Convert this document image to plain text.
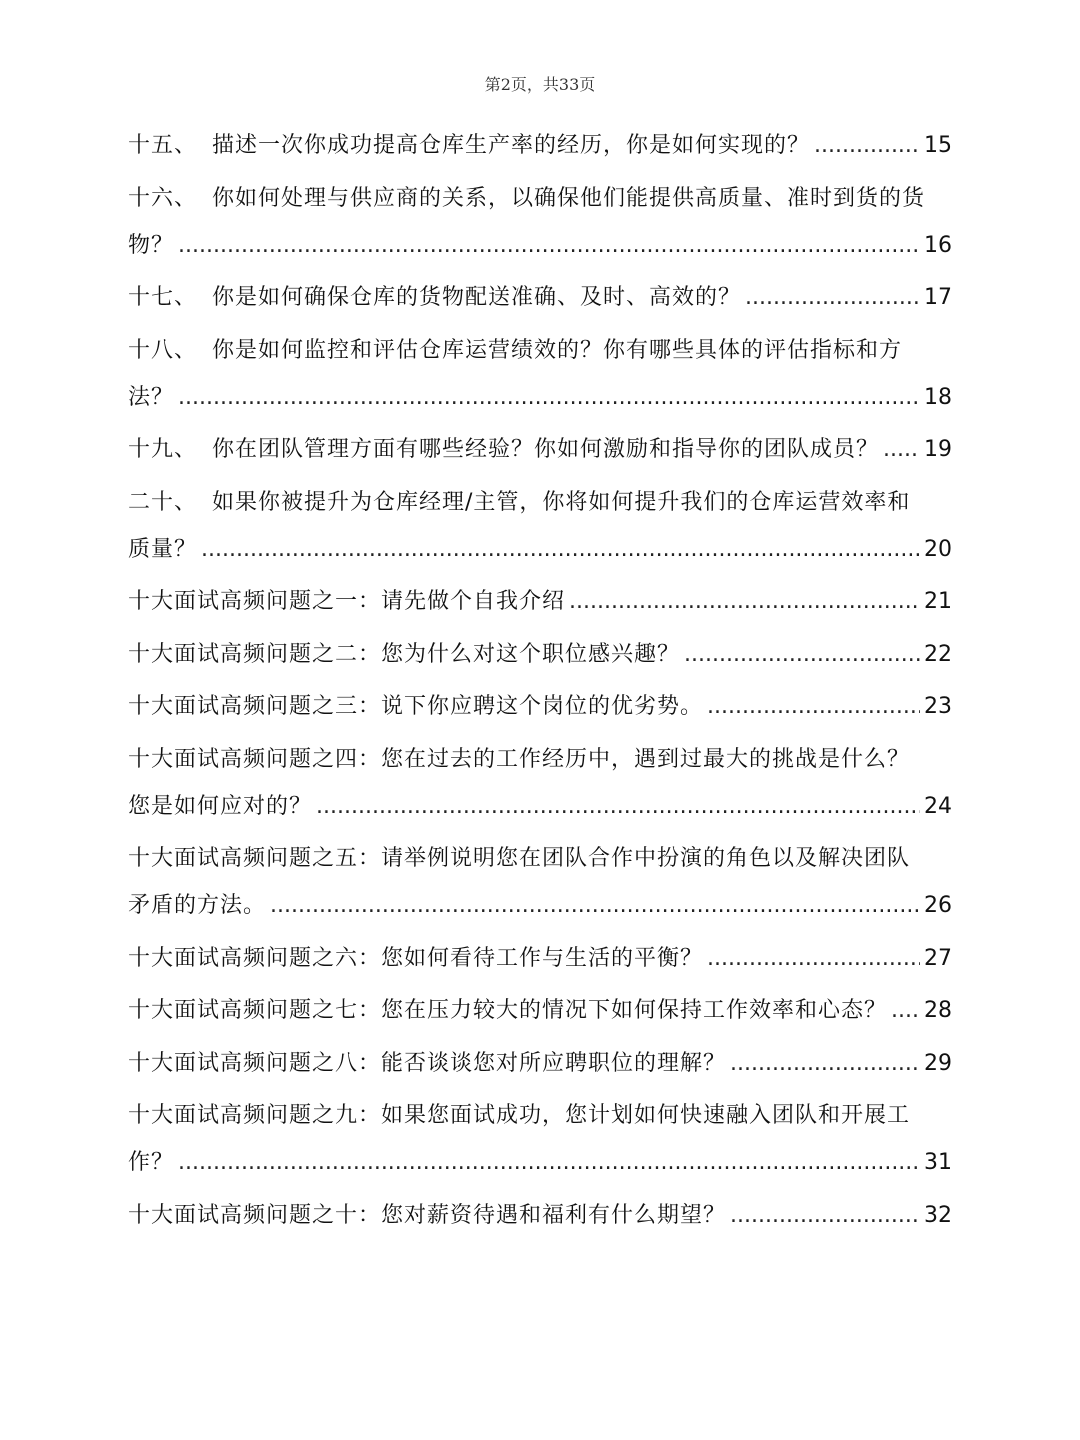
第2页，共33页
十五、 描述一次你成功提高仓库生产率的经历，你是如何实现的？ .....	15
十六、 你如何处理与供应商的关系，以确保他们能提供高质量、准时到货的货
物？ .....	16
十七、 你是如何确保仓库的货物配送准确、及时、高效的？ .....	17
十八、 你是如何监控和评估仓库运营绩效的？你有哪些具体的评估指标和方
法？ .....	18
十九、 你在团队管理方面有哪些经验？你如何激励和指导你的团队成员？ ..... 19
二十、 如果你被提升为仓库经理/主管，你将如何提升我们的仓库运营效率和
质量？ .....	20
十大面试高频问题之一：请先做个自我介绍 .....	21
十大面试高频问题之二：您为什么对这个职位感兴趣？ .....	22
十大面试高频问题之三：说下你应聘这个岗位的优劣势。 .....	23
十大面试高频问题之四：您在过去的工作经历中，遇到过最大的挑战是什么？
您是如何应对的？ .....	24
十大面试高频问题之五：请举例说明您在团队合作中扮演的角色以及解决团队
矛盾的方法。 .....	26
十大面试高频问题之六：您如何看待工作与生活的平衡？ .....	27
十大面试高频问题之七：您在压力较大的情况下如何保持工作效率和心态？ ..... 28
十大面试高频问题之八：能否谈谈您对所应聘职位的理解？ .....	29
十大面试高频问题之九：如果您面试成功，您计划如何快速融入团队和开展工
作？ .....	31
十大面试高频问题之十：您对薪资待遇和福利有什么期望？ .....	32
